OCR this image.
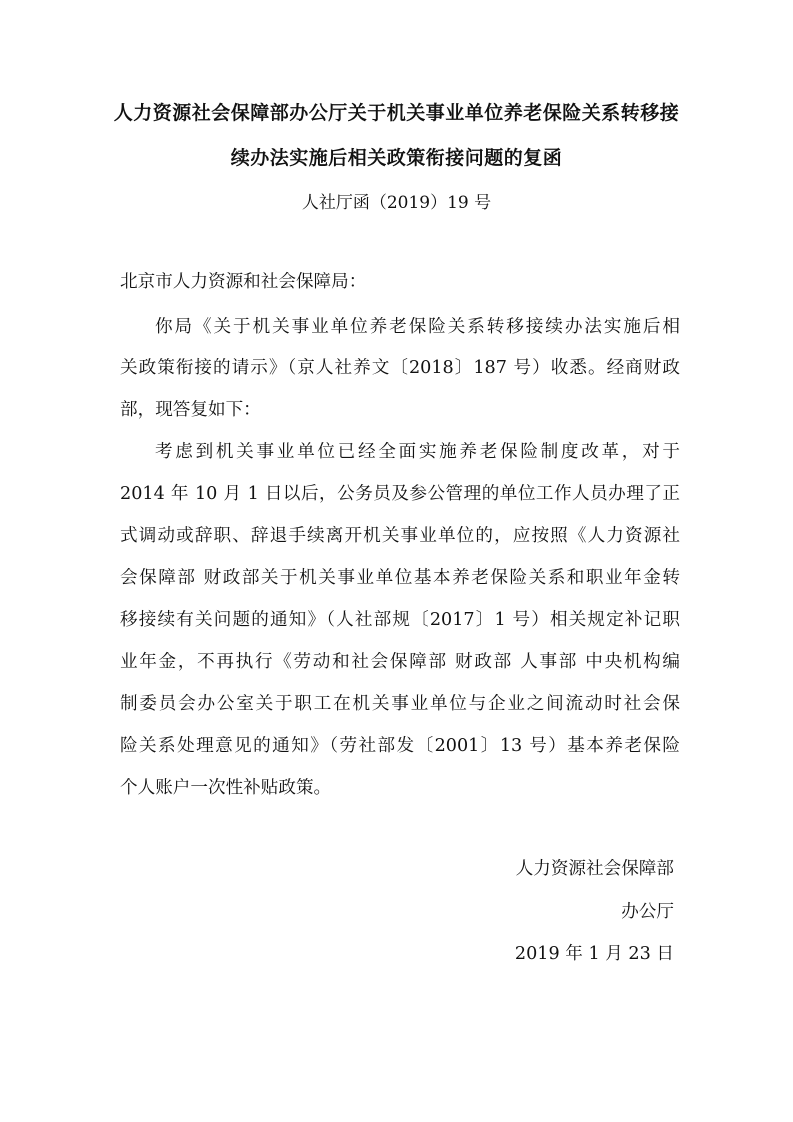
人力资源社会保障部办公厅关于机关事业单位养老保险关系转移接
续办法实施后相关政策衔接问题的复函
人社厅函（2019）19 号
北京市人力资源和社会保障局：
你局《关于机关事业单位养老保险关系转移接续办法实施后相
关政策衔接的请示》（京人社养文〔2018〕187 号）收悉。经商财政
部，现答复如下：
考虑到机关事业单位已经全面实施养老保险制度改革，对于
2014 年 10 月 1 日以后，公务员及参公管理的单位工作人员办理了正
式调动或辞职、辞退手续离开机关事业单位的，应按照《人力资源社
会保障部 财政部关于机关事业单位基本养老保险关系和职业年金转
移接续有关问题的通知》（人社部规〔2017〕1 号）相关规定补记职
业年金，不再执行《劳动和社会保障部 财政部 人事部 中央机构编
制委员会办公室关于职工在机关事业单位与企业之间流动时社会保
险关系处理意见的通知》（劳社部发〔2001〕13 号）基本养老保险
个人账户一次性补贴政策。
人力资源社会保障部
办公厅
2019 年 1 月 23 日
